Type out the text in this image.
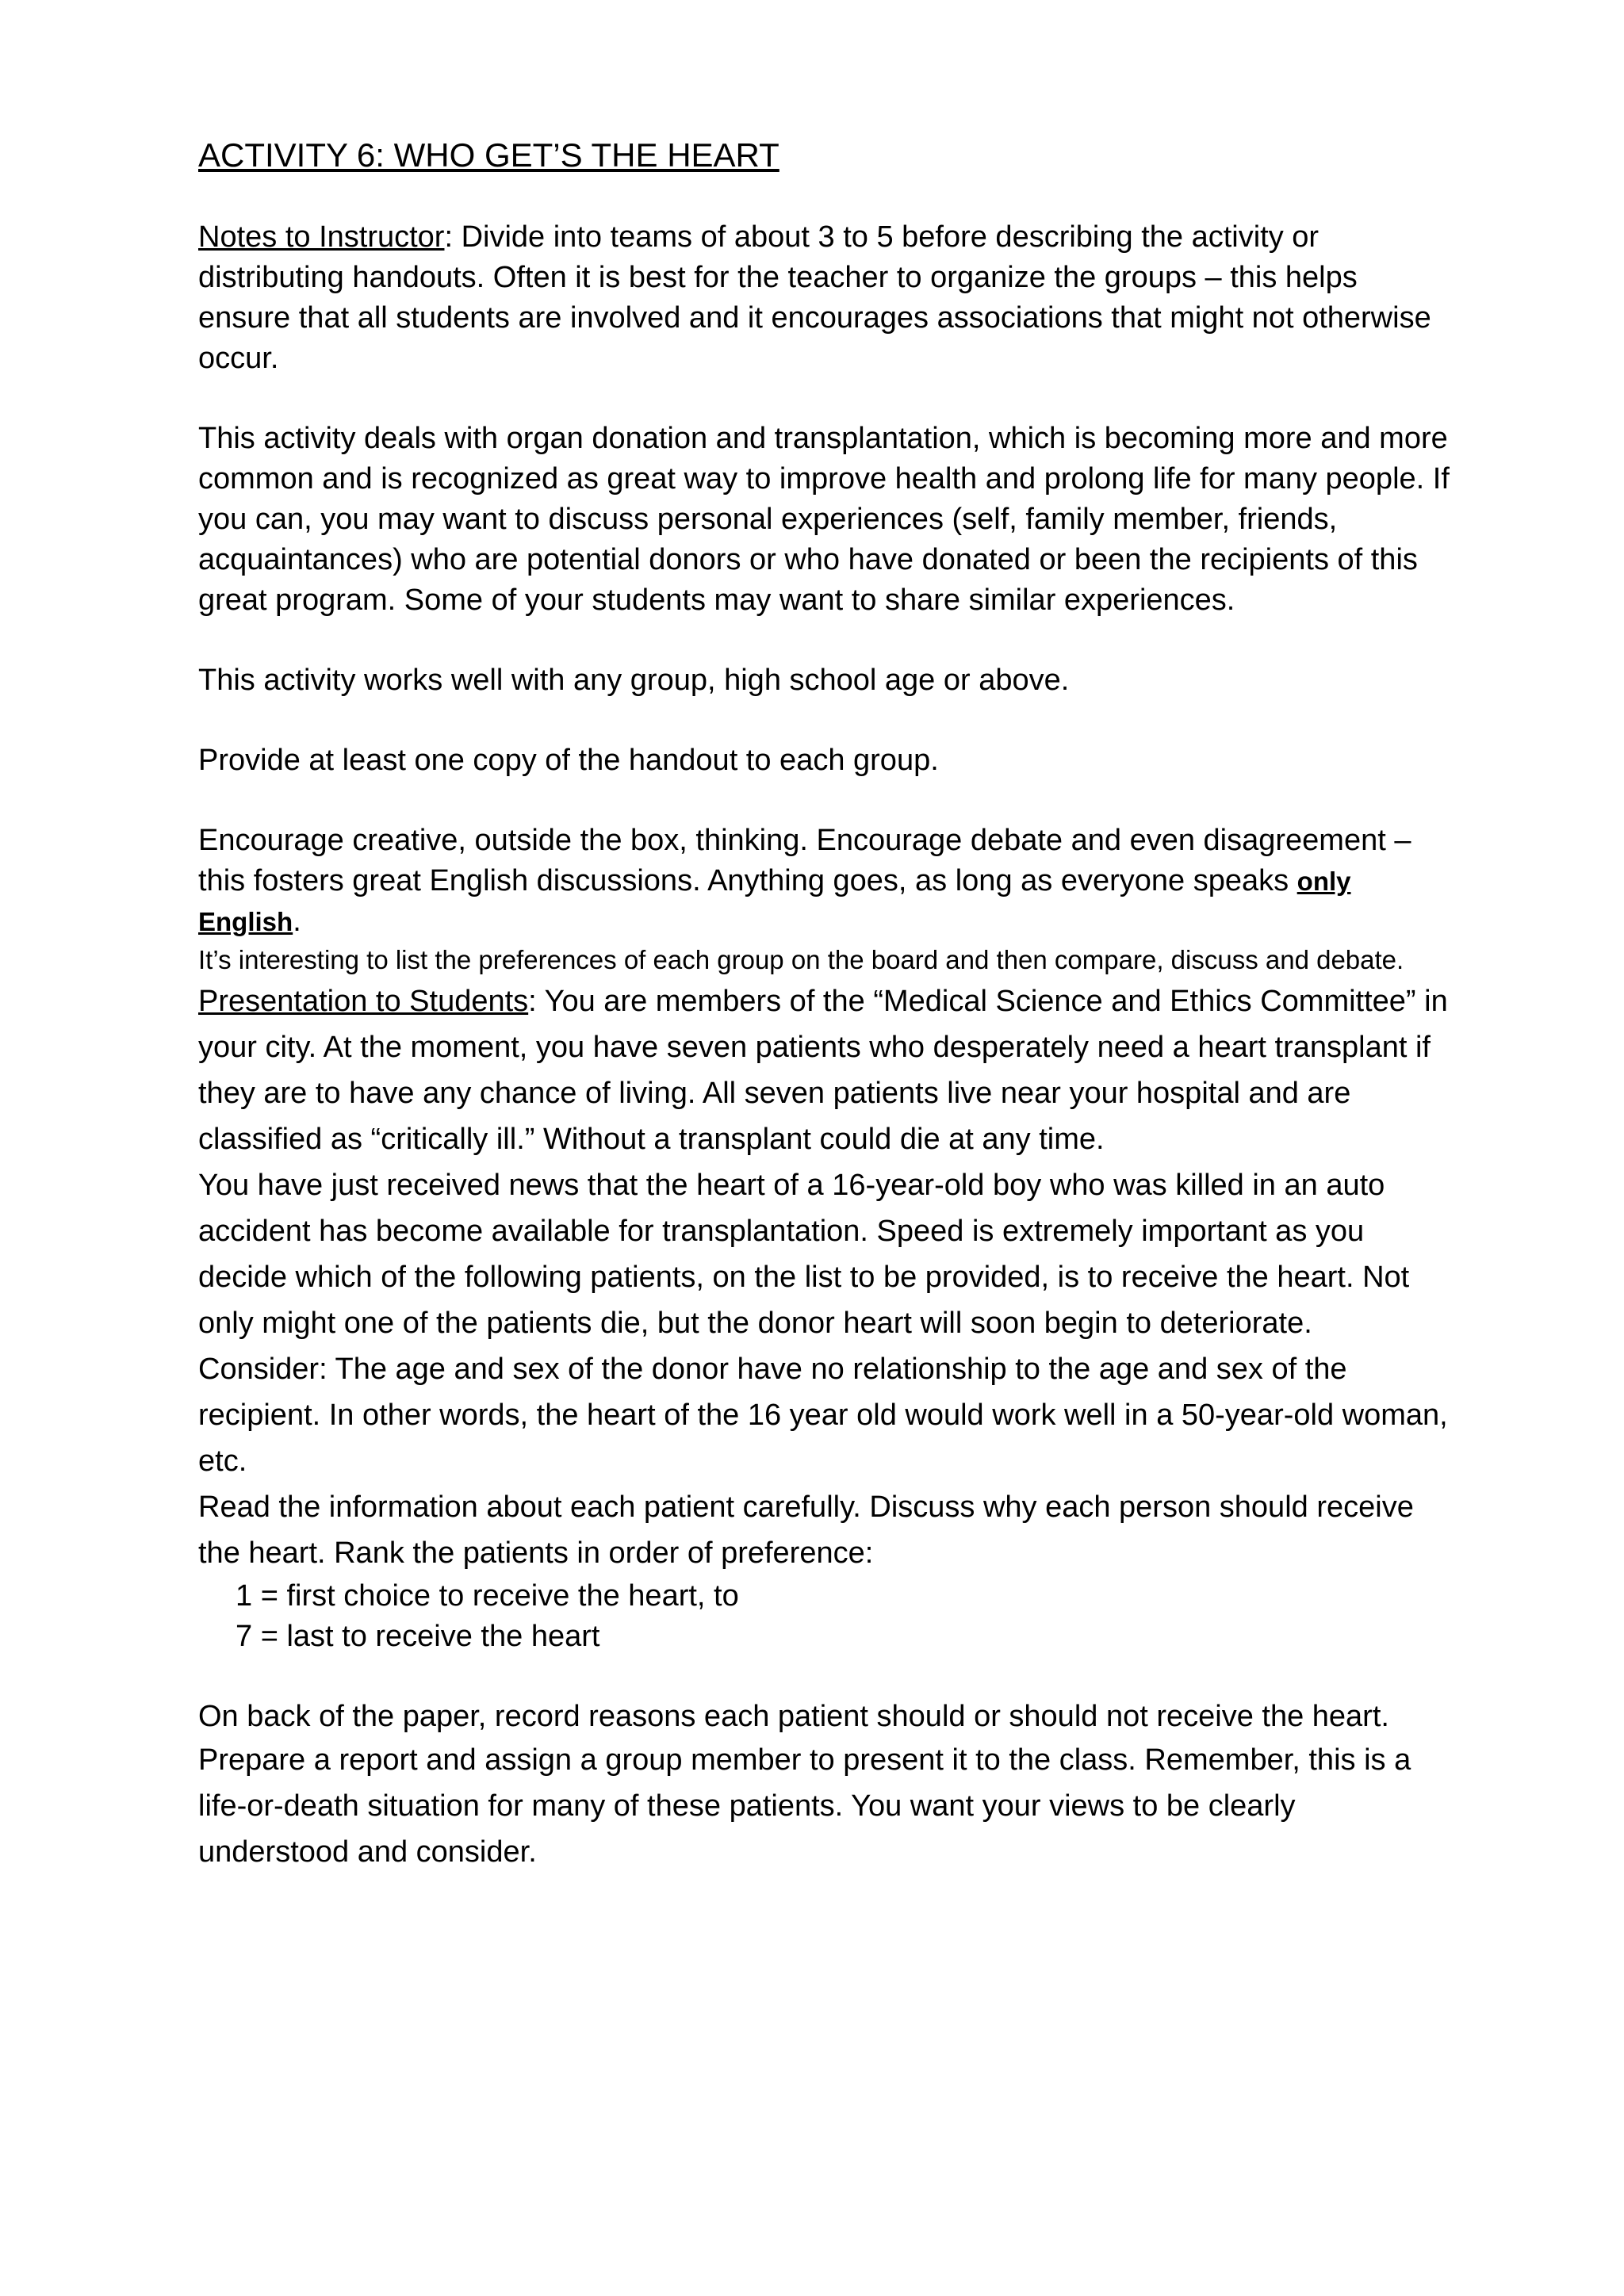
ACTIVITY 6: WHO GET’S THE HEART

Notes to Instructor: Divide into teams of about 3 to 5 before describing the activity or distributing handouts. Often it is best for the teacher to organize the groups – this helps ensure that all students are involved and it encourages associations that might not otherwise occur.

This activity deals with organ donation and transplantation, which is becoming more and more common and is recognized as great way to improve health and prolong life for many people. If you can, you may want to discuss personal experiences (self, family member, friends, acquaintances) who are potential donors or who have donated or been the recipients of this great program. Some of your students may want to share similar experiences.

This activity works well with any group, high school age or above.

Provide at least one copy of the handout to each group.

Encourage creative, outside the box, thinking. Encourage debate and even disagreement – this fosters great English discussions. Anything goes, as long as everyone speaks only English.

It’s interesting to list the preferences of each group on the board and then compare, discuss and debate.

Presentation to Students: You are members of the “Medical Science and Ethics Committee” in your city. At the moment, you have seven patients who desperately need a heart transplant if they are to have any chance of living. All seven patients live near your hospital and are classified as “critically ill.” Without a transplant could die at any time.

You have just received news that the heart of a 16-year-old boy who was killed in an auto accident has become available for transplantation. Speed is extremely important as you decide which of the following patients, on the list to be provided, is to receive the heart. Not only might one of the patients die, but the donor heart will soon begin to deteriorate.

Consider: The age and sex of the donor have no relationship to the age and sex of the recipient. In other words, the heart of the 16 year old would work well in a 50-year-old woman, etc.

Read the information about each patient carefully. Discuss why each person should receive the heart. Rank the patients in order of preference:

1 = first choice to receive the heart, to
7 = last to receive the heart

On back of the paper, record reasons each patient should or should not receive the heart.

Prepare a report and assign a group member to present it to the class. Remember, this is a life-or-death situation for many of these patients. You want your views to be clearly understood and consider.
